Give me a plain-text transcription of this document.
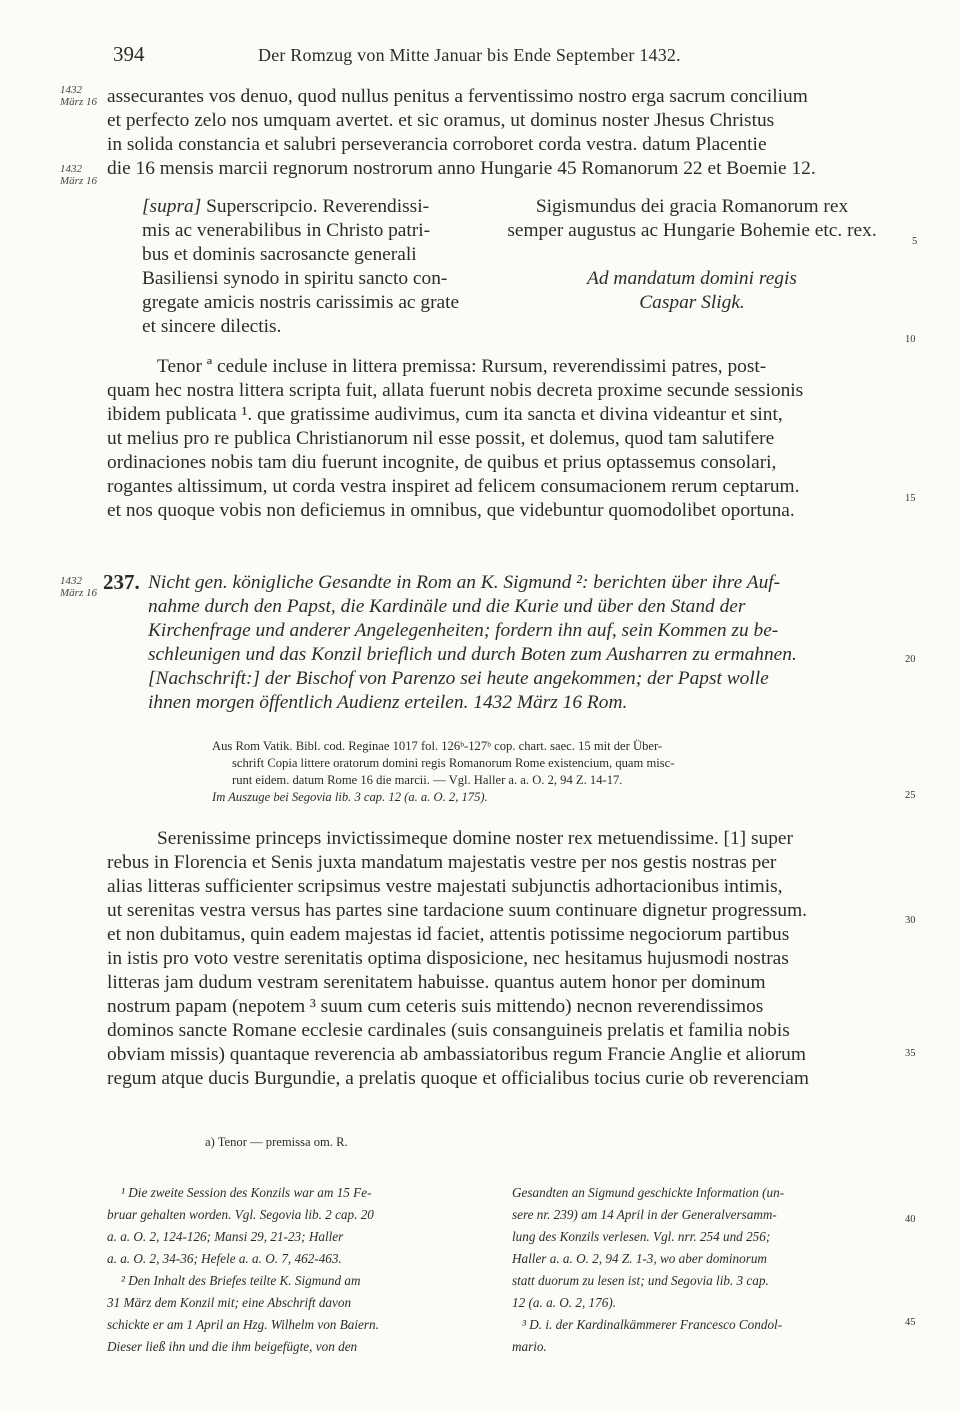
394	Der Romzug von Mitte Januar bis Ende September 1432.
1432
März 16
1432
März 16
1432
März 16
5
10
15
20
25
30
35
40
45
assecurantes vos denuo, quod nullus penitus a ferventissimo nostro erga sacrum concilium
et perfecto zelo nos umquam avertet. et sic oramus, ut dominus noster Jhesus Christus
in solida constancia et salubri perseverancia corroboret corda vestra. datum Placentie
die 16 mensis marcii regnorum nostrorum anno Hungarie 45 Romanorum 22 et Boemie 12.
[supra] Superscripcio. Reverendissi-
mis ac venerabilibus in Christo patri-
bus et dominis sacrosancte generali
Basiliensi synodo in spiritu sancto con-
gregate amicis nostris carissimis ac grate
et sincere dilectis.
Sigismundus dei gracia Romanorum rex
semper augustus ac Hungarie Bohemie etc. rex.
Ad mandatum domini regis
Caspar Sligk.
Tenor ª cedule incluse in littera premissa: Rursum, reverendissimi patres, post-
quam hec nostra littera scripta fuit, allata fuerunt nobis decreta proxime secunde sessionis
ibidem publicata ¹. que gratissime audivimus, cum ita sancta et divina videantur et sint,
ut melius pro re publica Christianorum nil esse possit, et dolemus, quod tam salutifere
ordinaciones nobis tam diu fuerunt incognite, de quibus et prius optassemus consolari,
rogantes altissimum, ut corda vestra inspiret ad felicem consumacionem rerum ceptarum.
et nos quoque vobis non deficiemus in omnibus, que videbuntur quomodolibet oportuna.
237. Nicht gen. königliche Gesandte in Rom an K. Sigmund ²: berichten über ihre Auf-
nahme durch den Papst, die Kardinäle und die Kurie und über den Stand der
Kirchenfrage und anderer Angelegenheiten; fordern ihn auf, sein Kommen zu be-
schleunigen und das Konzil brieflich und durch Boten zum Ausharren zu ermahnen.
[Nachschrift:] der Bischof von Parenzo sei heute angekommen; der Papst wolle
ihnen morgen öffentlich Audienz erteilen. 1432 März 16 Rom.
Aus Rom Vatik. Bibl. cod. Reginae 1017 fol. 126ᵇ-127ᵇ cop. chart. saec. 15 mit der Über-
schrift Copia littere oratorum domini regis Romanorum Rome existencium, quam misc-
runt eidem. datum Rome 16 die marcii. — Vgl. Haller a. a. O. 2, 94 Z. 14-17.
Im Auszuge bei Segovia lib. 3 cap. 12 (a. a. O. 2, 175).
Serenissime princeps invictissimeque domine noster rex metuendissime. [1] super
rebus in Florencia et Senis juxta mandatum majestatis vestre per nos gestis nostras per
alias litteras sufficienter scripsimus vestre majestati subjunctis adhortacionibus intimis,
ut serenitas vestra versus has partes sine tardacione suum continuare dignetur progressum.
et non dubitamus, quin eadem majestas id faciet, attentis potissime negociorum partibus
in istis pro voto vestre serenitatis optima disposicione, nec hesitamus hujusmodi nostras
litteras jam dudum vestram serenitatem habuisse. quantus autem honor per dominum
nostrum papam (nepotem ³ suum cum ceteris suis mittendo) necnon reverendissimos
dominos sancte Romane ecclesie cardinales (suis consanguineis prelatis et familia nobis
obviam missis) quantaque reverencia ab ambassiatoribus regum Francie Anglie et aliorum
regum atque ducis Burgundie, a prelatis quoque et officialibus tocius curie ob reverenciam
a) Tenor — premissa om. R.
¹ Die zweite Session des Konzils war am 15 Fe-
bruar gehalten worden. Vgl. Segovia lib. 2 cap. 20
a. a. O. 2, 124-126; Mansi 29, 21-23; Haller
a. a. O. 2, 34-36; Hefele a. a. O. 7, 462-463.
² Den Inhalt des Briefes teilte K. Sigmund am
31 März dem Konzil mit; eine Abschrift davon
schickte er am 1 April an Hzg. Wilhelm von Baiern.
Dieser ließ ihn und die ihm beigefügte, von den
Gesandten an Sigmund geschickte Information (un-
sere nr. 239) am 14 April in der Generalversamm-
lung des Konzils verlesen. Vgl. nrr. 254 und 256;
Haller a. a. O. 2, 94 Z. 1-3, wo aber dominorum
statt duorum zu lesen ist; und Segovia lib. 3 cap.
12 (a. a. O. 2, 176).
³ D. i. der Kardinalkämmerer Francesco Condol-
mario.
